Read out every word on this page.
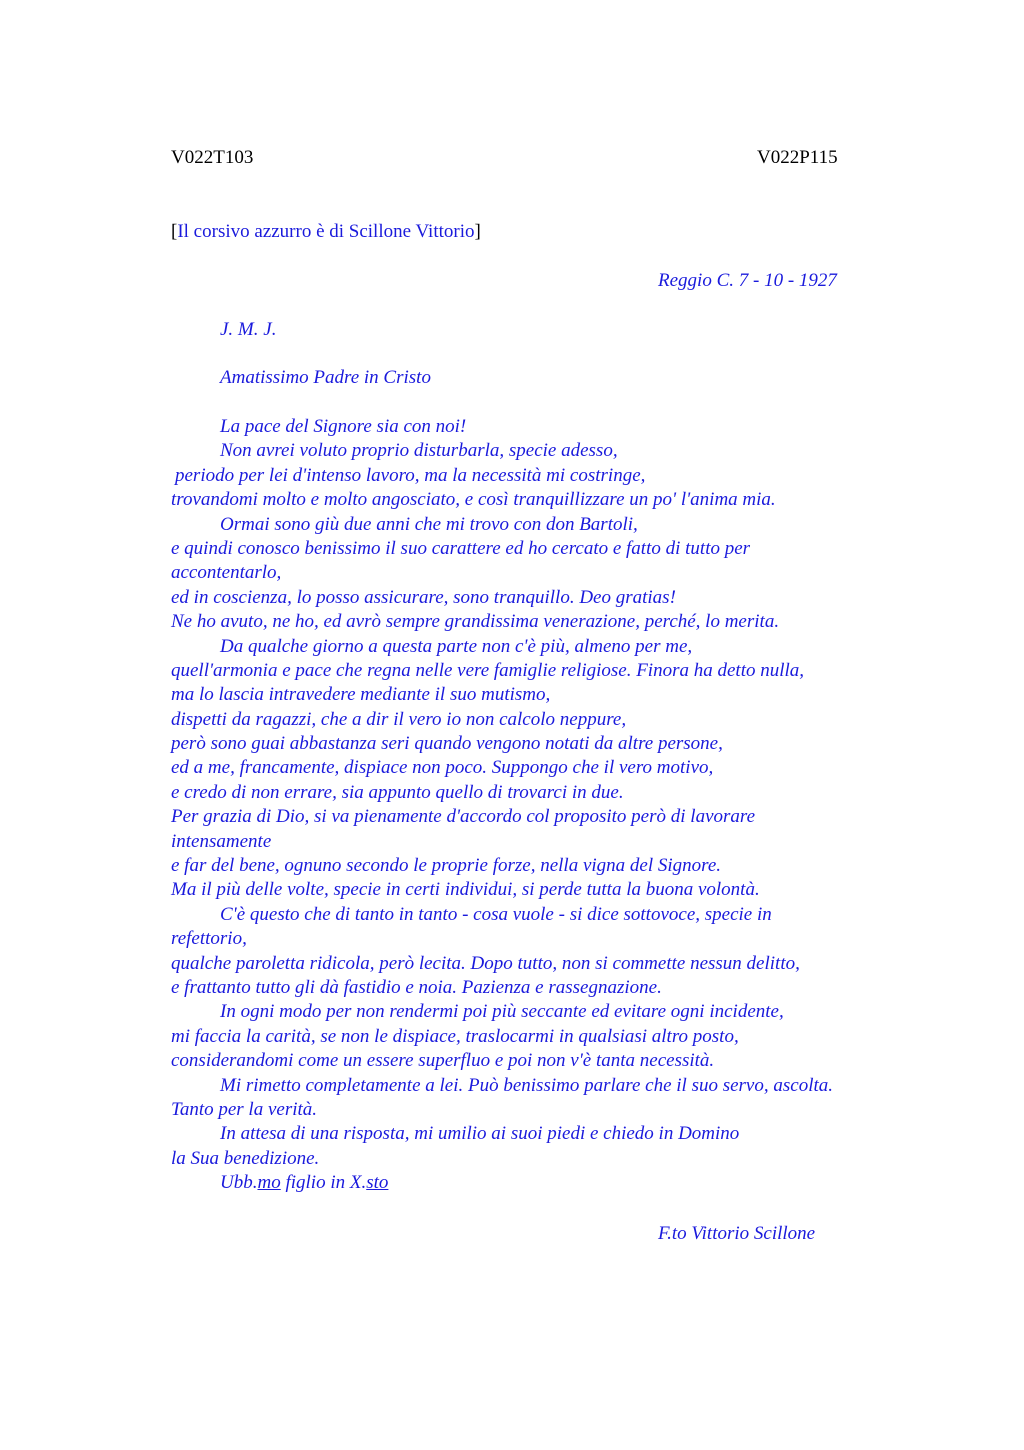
V022T103	V022P115
[Il corsivo azzurro è di Scillone Vittorio]
Reggio C. 7 - 10 - 1927
J. M. J.
Amatissimo Padre in Cristo
La pace del Signore sia con noi!
Non avrei voluto proprio disturbarla, specie adesso,
periodo per lei d'intenso lavoro, ma la necessità mi costringe,
trovandomi molto e molto angosciato, e così tranquillizzare un po' l'anima mia.
Ormai sono giù due anni che mi trovo con don Bartoli,
e quindi conosco benissimo il suo carattere ed ho cercato e fatto di tutto per
accontentarlo,
ed in coscienza, lo posso assicurare, sono tranquillo. Deo gratias!
Ne ho avuto, ne ho, ed avrò sempre grandissima venerazione, perché, lo merita.
Da qualche giorno a questa parte non c'è più, almeno per me,
quell'armonia e pace che regna nelle vere famiglie religiose. Finora ha detto nulla,
ma lo lascia intravedere mediante il suo mutismo,
dispetti da ragazzi, che a dir il vero io non calcolo neppure,
però sono guai abbastanza seri quando vengono notati da altre persone,
ed a me, francamente, dispiace non poco. Suppongo che il vero motivo,
e credo di non errare, sia appunto quello di trovarci in due.
Per grazia di Dio, si va pienamente d'accordo col proposito però di lavorare
intensamente
e far del bene, ognuno secondo le proprie forze, nella vigna del Signore.
Ma il più delle volte, specie in certi individui, si perde tutta la buona volontà.
C'è questo che di tanto in tanto - cosa vuole - si dice sottovoce, specie in
refettorio,
qualche paroletta ridicola, però lecita. Dopo tutto, non si commette nessun delitto,
e frattanto tutto gli dà fastidio e noia. Pazienza e rassegnazione.
In ogni modo per non rendermi poi più seccante ed evitare ogni incidente,
mi faccia la carità, se non le dispiace, traslocarmi in qualsiasi altro posto,
considerandomi come un essere superfluo e poi non v'è tanta necessità.
Mi rimetto completamente a lei. Può benissimo parlare che il suo servo, ascolta.
Tanto per la verità.
In attesa di una risposta, mi umilio ai suoi piedi e chiedo in Domino
la Sua benedizione.
Ubb.mo figlio in X.sto
F.to Vittorio Scillone
